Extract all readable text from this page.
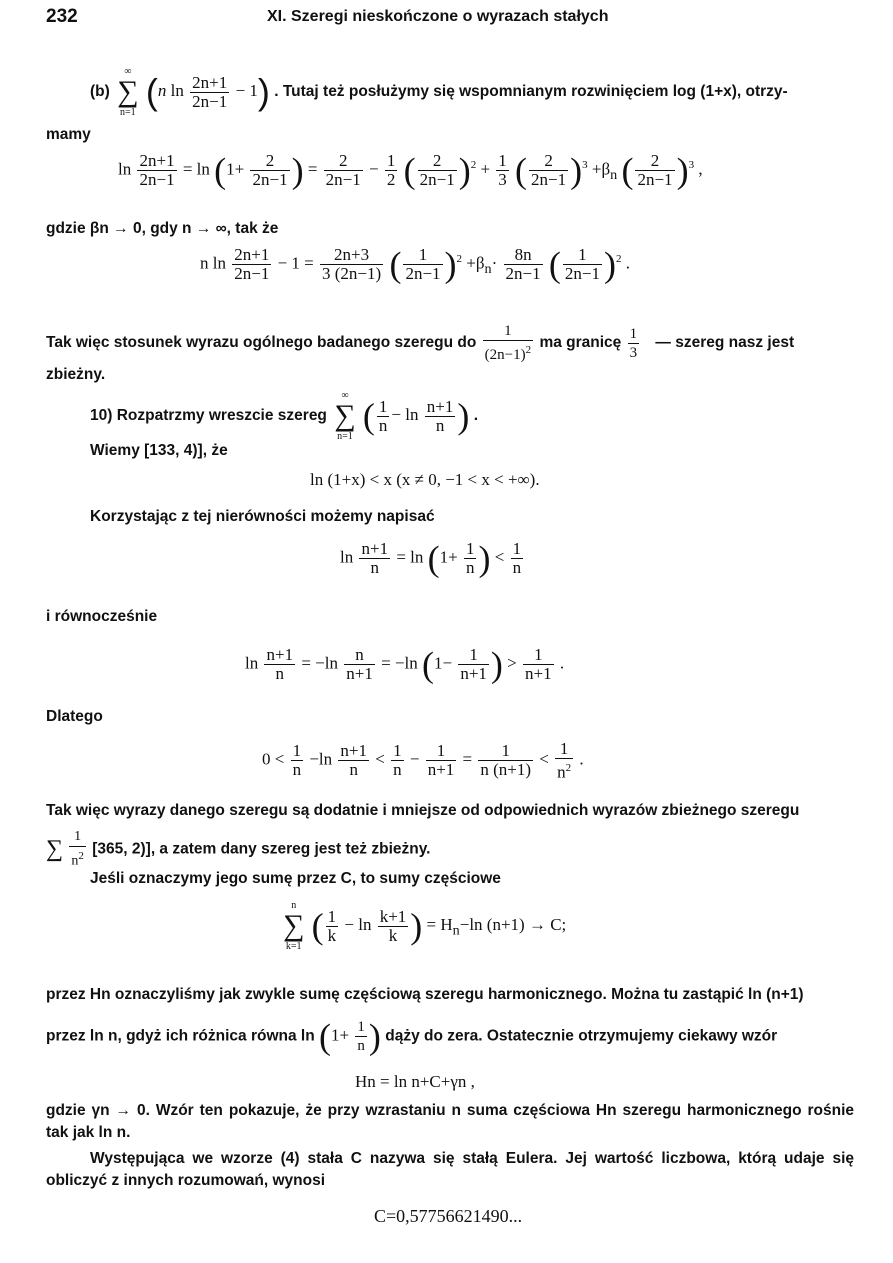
232	XI. Szeregi nieskończone o wyrazach stałych
(b)
∞
∑
n=1
(n $\ln \frac{2n+1}{2n-1} - 1$) . Tutaj też posłużymy się wspomnianym rozwinięciem log (1+x), otrzy-
mamy
$\ln \frac{2n+1}{2n-1} = \ln (1+ \frac{2}{2n-1}$ ) = $\frac{2}{2n-1} - \frac{1}{2}$ ( $\frac{2}{2n-1} )^2 + \frac{1}{3}$ ( $\frac{2}{2n-1} )^3 +\beta_n$ ( $\frac{2}{2n-1} )^3$ ,
gdzie βn → 0, gdy n → ∞, tak że
n $\ln \frac{2n+1}{2n-1} - 1 = \frac{2n+3}{3 (2n-1)}$ ( $\frac{1}{2n-1} )^2 +\beta_n\cdot \frac{8n}{2n-1}$ ( $\frac{1}{2n-1} )^2$ .
Tak więc stosunek wyrazu ogólnego badanego szeregu do $\frac{1}{(2n-1)^2}$ ma granicę $\frac{1}{3}$ — szereg nasz jest
zbieżny.
10) Rozpatrzmy wreszcie szereg
∞
∑
n=1
( $\frac{1}{n} - \ln \frac{n+1}{n}$ ) .
Wiemy [133, 4)], że
ln (1+x) < x (x ≠ 0, −1 < x < +∞).
Korzystając z tej nierówności możemy napisać
$\ln \frac{n+1}{n} = \ln (1+ \frac{1}{n}$ ) < $\frac{1}{n}$
i równocześnie
$\ln \frac{n+1}{n} = -\ln \frac{n}{n+1} = -\ln$ ($1- \frac{1}{n+1}$ ) > $\frac{1}{n+1}$ .
Dlatego
$0 < \frac{1}{n} -\ln \frac{n+1}{n} < \frac{1}{n} - \frac{1}{n+1} = \frac{1}{n (n+1)} < \frac{1}{n^2}$ .
Tak więc wyrazy danego szeregu są dodatnie i mniejsze od odpowiednich wyrazów zbieżnego szeregu
∑ $\frac{1}{n^2} [365$, 2)], a zatem dany szereg jest też zbieżny.
Jeśli oznaczymy jego sumę przez C, to sumy częściowe
n
∑
k=1
( $\frac{1}{k} - \ln \frac{k+1}{k}$ ) = $H_n-\ln$ (n+1) → C;
przez Hn oznaczyliśmy jak zwykle sumę częściową szeregu harmonicznego. Można tu zastąpić ln (n+1)
przez ln n, gdyż ich różnica równa $\ln (1+ \frac{1}{n}$ ) dąży do zera. Ostatecznie otrzymujemy ciekawy wzór
Hn = ln n+C+γn ,
gdzie γn → 0. Wzór ten pokazuje, że przy wzrastaniu n suma częściowa Hn szeregu harmonicznego rośnie tak jak ln n.
Występująca we wzorze (4) stała C nazywa się stałą Eulera. Jej wartość liczbowa, którą udaje się obliczyć z innych rozumowań, wynosi
C=0,57756621490...
